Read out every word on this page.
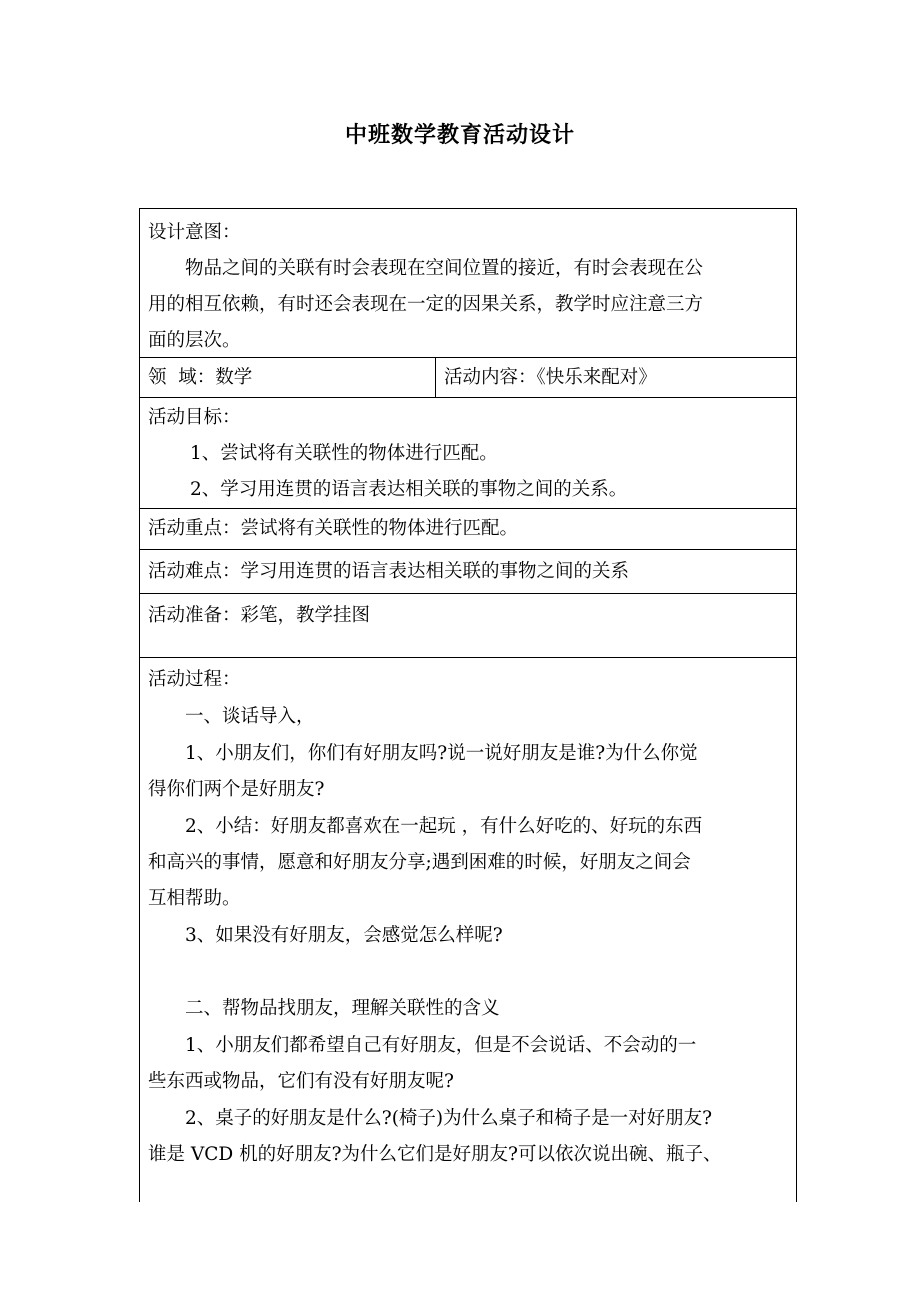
中班数学教育活动设计

设计意图：

物品之间的关联有时会表现在空间位置的接近，有时会表现在公

用的相互依赖，有时还会表现在一定的因果关系，教学时应注意三方

面的层次。

领  域：数学	活动内容：《快乐来配对》

活动目标：

1、尝试将有关联性的物体进行匹配。

2、学习用连贯的语言表达相关联的事物之间的关系。

活动重点：尝试将有关联性的物体进行匹配。

活动难点：学习用连贯的语言表达相关联的事物之间的关系

活动准备：彩笔，教学挂图

活动过程：

一、谈话导入，

1、小朋友们，你们有好朋友吗?说一说好朋友是谁?为什么你觉

得你们两个是好朋友?

2、小结：好朋友都喜欢在一起玩 ，有什么好吃的、好玩的东西

和高兴的事情，愿意和好朋友分享;遇到困难的时候，好朋友之间会

互相帮助。

3、如果没有好朋友，会感觉怎么样呢?

二、帮物品找朋友，理解关联性的含义

1、小朋友们都希望自己有好朋友，但是不会说话、不会动的一

些东西或物品，它们有没有好朋友呢?

2、桌子的好朋友是什么?(椅子)为什么桌子和椅子是一对好朋友?

谁是 VCD 机的好朋友?为什么它们是好朋友?可以依次说出碗、瓶子、
